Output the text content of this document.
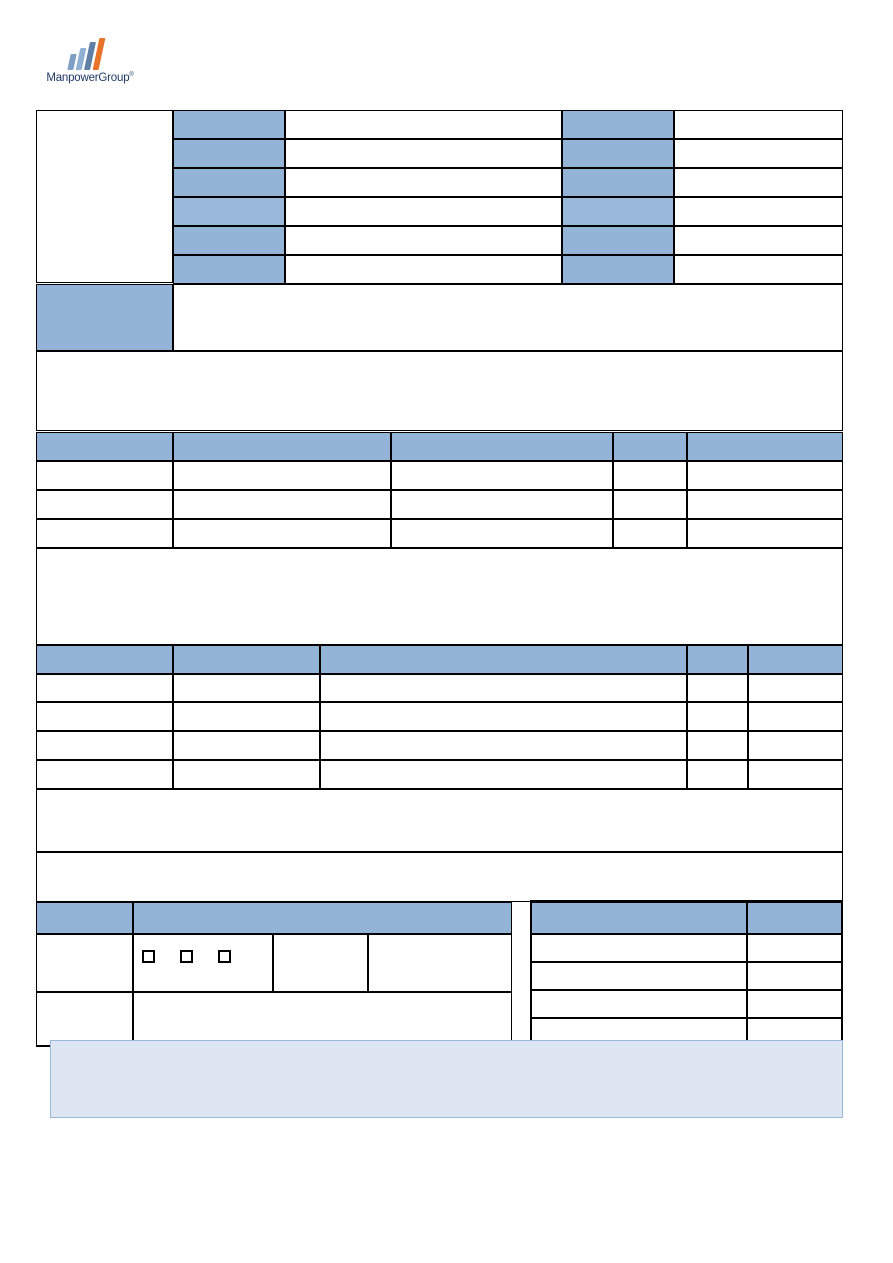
ManpowerGroup®
